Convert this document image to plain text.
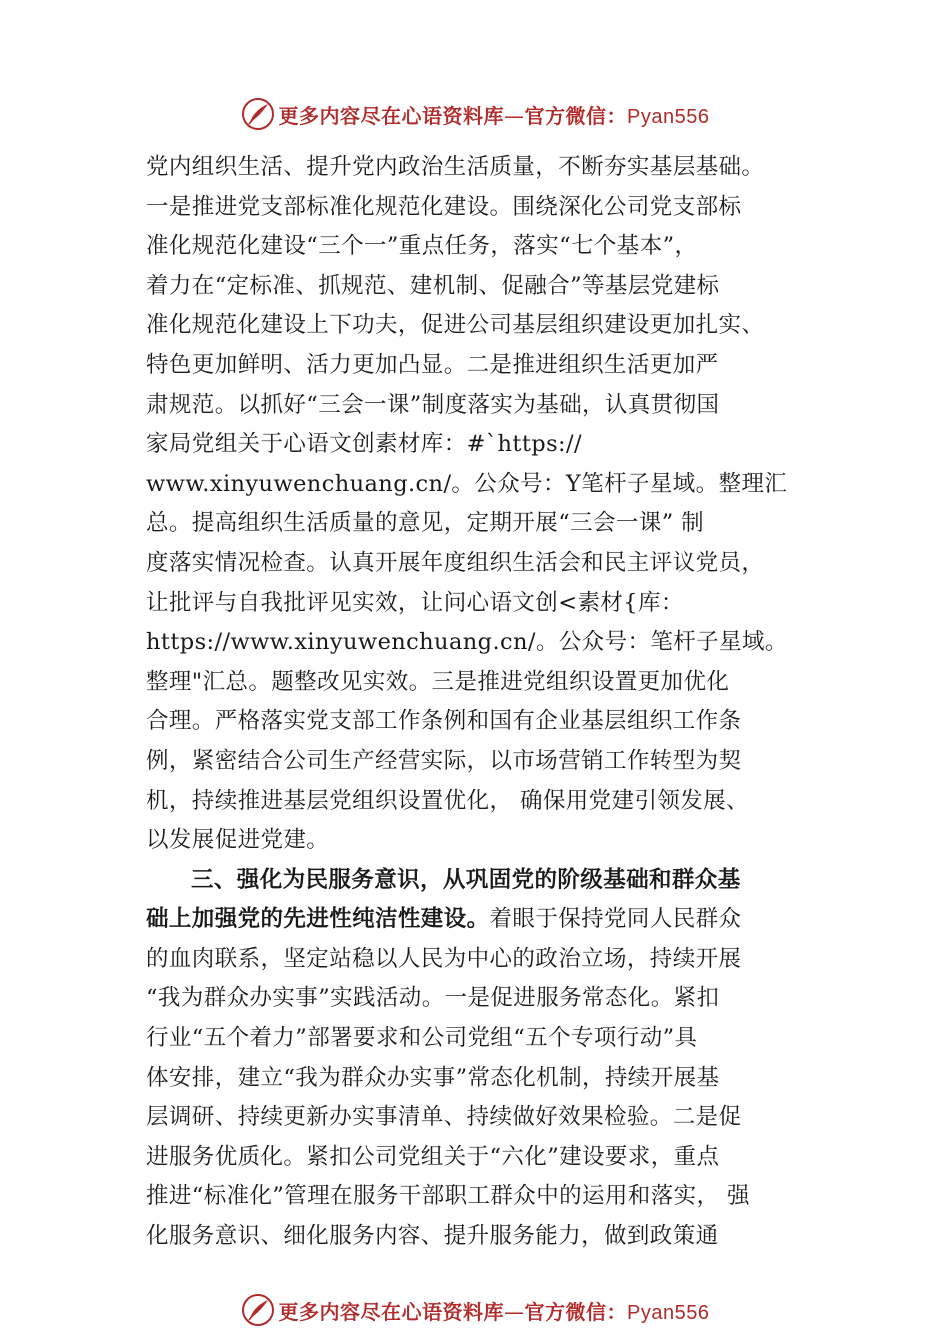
更多内容尽在心语资料库—官方微信：Pyan556
党内组织生活、提升党内政治生活质量，不断夯实基层基础。
一是推进党支部标准化规范化建设。围绕深化公司党支部标
准化规范化建设“三个一”重点任务，落实“七个基本”，
着力在“定标准、抓规范、建机制、促融合”等基层党建标
准化规范化建设上下功夫，促进公司基层组织建设更加扎实、
特色更加鲜明、活力更加凸显。二是推进组织生活更加严
肃规范。以抓好“三会一课”制度落实为基础，认真贯彻国
家局党组关于心语文创素材库：#`https://
www.xinyuwenchuang.cn/。公众号：Y笔杆子星域。整理汇
总。提高组织生活质量的意见，定期开展“三会一课” 制
度落实情况检查。认真开展年度组织生活会和民主评议党员，
让批评与自我批评见实效，让问心语文创<素材{库：
https://www.xinyuwenchuang.cn/。公众号：笔杆子星域。
整理"汇总。题整改见实效。三是推进党组织设置更加优化
合理。严格落实党支部工作条例和国有企业基层组织工作条
例，紧密结合公司生产经营实际，以市场营销工作转型为契
机，持续推进基层党组织设置优化， 确保用党建引领发展、
以发展促进党建。
三、强化为民服务意识，从巩固党的阶级基础和群众基
础上加强党的先进性纯洁性建设。着眼于保持党同人民群众
的血肉联系，坚定站稳以人民为中心的政治立场，持续开展
“我为群众办实事”实践活动。一是促进服务常态化。紧扣
行业“五个着力”部署要求和公司党组“五个专项行动”具
体安排，建立“我为群众办实事”常态化机制，持续开展基
层调研、持续更新办实事清单、持续做好效果检验。二是促
进服务优质化。紧扣公司党组关于“六化”建设要求，重点
推进“标准化”管理在服务干部职工群众中的运用和落实， 强
化服务意识、细化服务内容、提升服务能力，做到政策通
更多内容尽在心语资料库—官方微信：Pyan556
